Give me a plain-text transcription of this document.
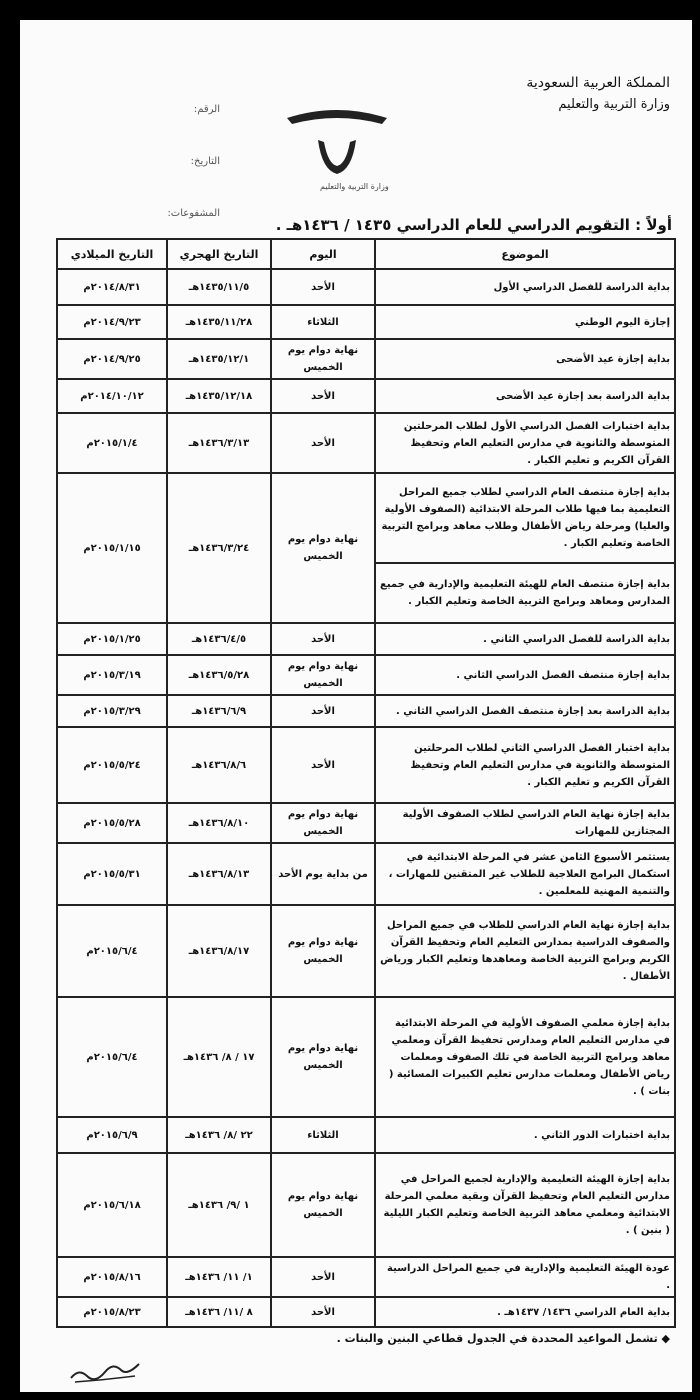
المملكة العربية السعودية
وزارة التربية والتعليم
الرقم:
التاريخ:
المشفوعات:
وزارة التربية والتعليم
أولاً : التقويم الدراسي للعام الدراسي ١٤٣٥ / ١٤٣٦هـ .
الموضوع	اليوم	التاريخ الهجري	التاريخ الميلادي
بداية الدراسة للفصل الدراسي الأول	الأحد	١٤٣٥/١١/٥هـ	٢٠١٤/٨/٣١م
إجازة اليوم الوطني	الثلاثاء	١٤٣٥/١١/٢٨هـ	٢٠١٤/٩/٢٣م
بداية إجازة عيد الأضحى	نهاية دوام يوم الخميس	١٤٣٥/١٢/١هـ	٢٠١٤/٩/٢٥م
بداية الدراسة بعد إجازة عيد الأضحى	الأحد	١٤٣٥/١٢/١٨هـ	٢٠١٤/١٠/١٢م
بداية اختبارات الفصل الدراسي الأول لطلاب المرحلتين المتوسطة والثانوية في مدارس التعليم العام وتحفيظ القرآن الكريم و تعليم الكبار .	الأحد	١٤٣٦/٣/١٣هـ	٢٠١٥/١/٤م
بداية إجازة منتصف العام الدراسي لطلاب جميع المراحل التعليمية بما فيها طلاب المرحلة الابتدائية (الصفوف الأولية والعليا) ومرحلة رياض الأطفال وطلاب معاهد وبرامج التربية الخاصة وتعليم الكبار .	نهاية دوام يوم الخميس	١٤٣٦/٣/٢٤هـ	٢٠١٥/١/١٥م
بداية إجازة منتصف العام للهيئة التعليمية والإدارية في جميع المدارس ومعاهد وبرامج التربية الخاصة وتعليم الكبار .			
بداية الدراسة للفصل الدراسي الثاني .	الأحد	١٤٣٦/٤/٥هـ	٢٠١٥/١/٢٥م
بداية إجازة منتصف الفصل الدراسي الثاني .	نهاية دوام يوم الخميس	١٤٣٦/٥/٢٨هـ	٢٠١٥/٣/١٩م
بداية الدراسة بعد إجازة منتصف الفصل الدراسي الثاني .	الأحد	١٤٣٦/٦/٩هـ	٢٠١٥/٣/٢٩م
بداية اختبار الفصل الدراسي الثاني لطلاب المرحلتين المتوسطة والثانوية في مدارس التعليم العام وتحفيظ القرآن الكريم و تعليم الكبار .	الأحد	١٤٣٦/٨/٦هـ	٢٠١٥/٥/٢٤م
بداية إجازة نهاية العام الدراسي لطلاب الصفوف الأولية المجتازين للمهارات	نهاية دوام يوم الخميس	١٤٣٦/٨/١٠هـ	٢٠١٥/٥/٢٨م
يستثمر الأسبوع الثامن عشر في المرحلة الابتدائية في استكمال البرامج العلاجية للطلاب غير المتقنين للمهارات ، والتنمية المهنية للمعلمين .	من بداية يوم الأحد	١٤٣٦/٨/١٣هـ	٢٠١٥/٥/٣١م
بداية إجازة نهاية العام الدراسي للطلاب في جميع المراحل والصفوف الدراسية بمدارس التعليم العام وتحفيظ القرآن الكريم وبرامج التربية الخاصة ومعاهدها وتعليم الكبار ورياض الأطفال .	نهاية دوام يوم الخميس	١٤٣٦/٨/١٧هـ	٢٠١٥/٦/٤م
بداية إجازة معلمي الصفوف الأولية في المرحلة الابتدائية في مدارس التعليم العام ومدارس تحفيظ القرآن ومعلمي معاهد وبرامج التربية الخاصة في تلك الصفوف ومعلمات رياض الأطفال ومعلمات مدارس تعليم الكبيرات المسائية ( بنات ) .	نهاية دوام يوم الخميس	١٧ / ٨/ ١٤٣٦هـ	٢٠١٥/٦/٤م
بداية اختبارات الدور الثاني .	الثلاثاء	٢٢ /٨/ ١٤٣٦هـ	٢٠١٥/٦/٩م
بداية إجازة الهيئة التعليمية والإدارية لجميع المراحل في مدارس التعليم العام وتحفيظ القرآن وبقية معلمي المرحلة الابتدائية ومعلمي معاهد التربية الخاصة وتعليم الكبار الليلية ( بنين ) .	نهاية دوام يوم الخميس	١ /٩/ ١٤٣٦هـ	٢٠١٥/٦/١٨م
عودة الهيئة التعليمية والإدارية في جميع المراحل الدراسية .	الأحد	١/ ١١/ ١٤٣٦هـ	٢٠١٥/٨/١٦م
بداية العام الدراسي ١٤٣٦/ ١٤٣٧هـ .	الأحد	٨ /١١/ ١٤٣٦هـ	٢٠١٥/٨/٢٣م
◆ تشمل المواعيد المحددة في الجدول قطاعي البنين والبنات .
